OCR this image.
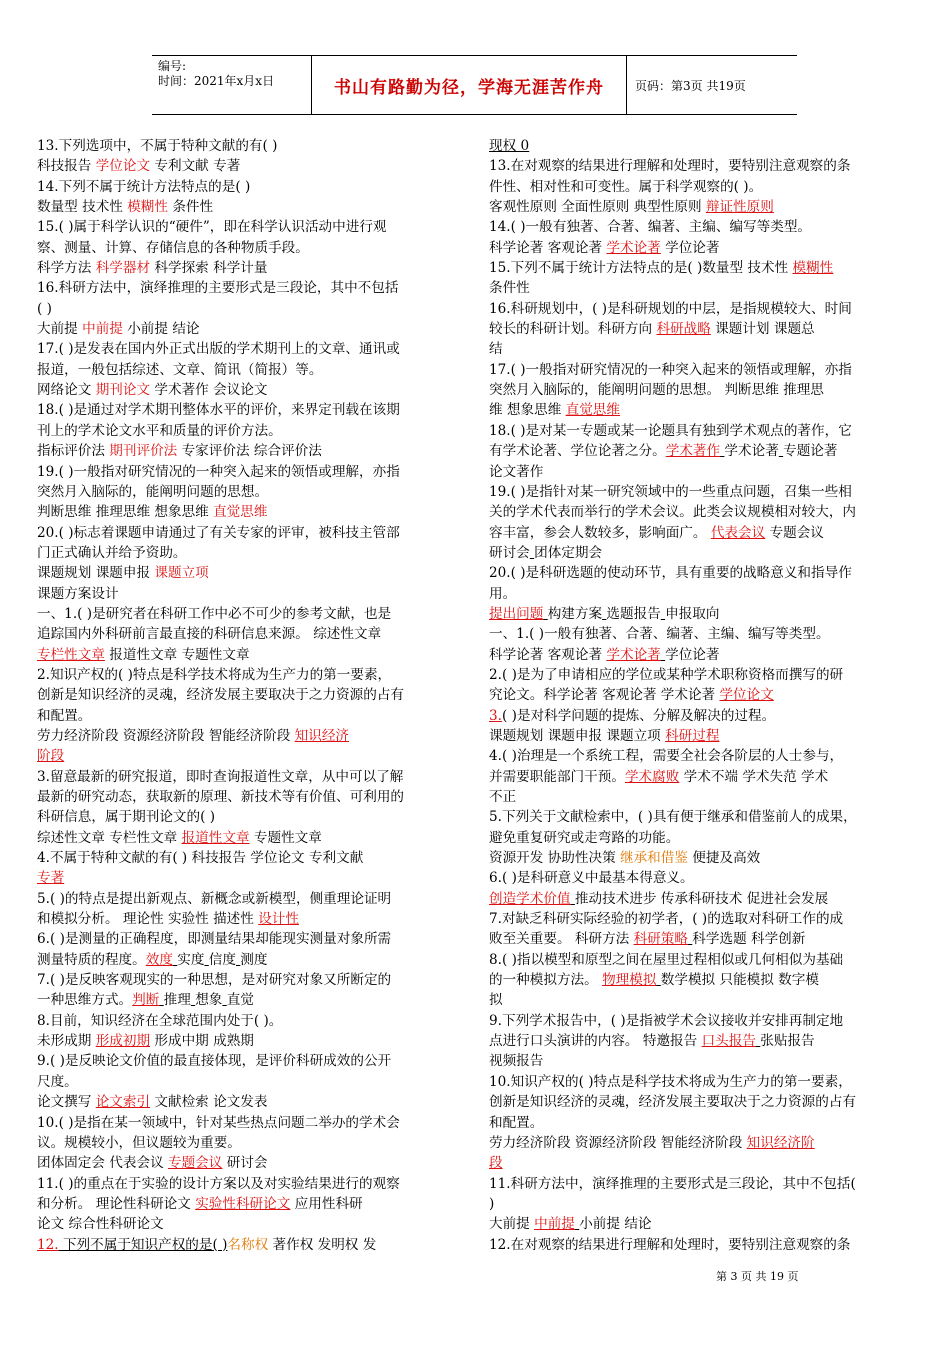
编号:
时间：2021年x月x日	书山有路勤为径，学海无涯苦作舟	页码：第3页 共19页

13.下列选项中，不属于特种文献的有( )

科技报告 学位论文 专利文献 专著

14.下列不属于统计方法特点的是( )

数量型 技术性 模糊性 条件性

15.( )属于科学认识的“硬件”，即在科学认识活动中进行观

察、测量、计算、存储信息的各种物质手段。

科学方法 科学器材 科学探索 科学计量

16.科研方法中，演绎推理的主要形式是三段论，其中不包括

( )

大前提 中前提 小前提 结论

17.( )是发表在国内外正式出版的学术期刊上的文章、通讯或

报道，一般包括综述、文章、简讯（简报）等。

网络论文 期刊论文 学术著作 会议论文

18.( )是通过对学术期刊整体水平的评价，来界定刊载在该期

刊上的学术论文水平和质量的评价方法。

指标评价法 期刊评价法 专家评价法 综合评价法

19.( )一般指对研究情况的一种突入起来的领悟或理解，亦指

突然月入脑际的，能阐明问题的思想。

判断思维 推理思维 想象思维 直觉思维

20.( )标志着课题申请通过了有关专家的评审，被科技主管部

门正式确认并给予资助。

课题规划 课题申报 课题立项

课题方案设计

一、1.( )是研究者在科研工作中必不可少的参考文献，也是

追踪国内外科研前言最直接的科研信息来源。 综述性文章

专栏性文章 报道性文章 专题性文章

2.知识产权的( )特点是科学技术将成为生产力的第一要素，

创新是知识经济的灵魂，经济发展主要取决于之力资源的占有

和配置。

劳力经济阶段 资源经济阶段 智能经济阶段 知识经济

阶段

3.留意最新的研究报道，即时查询报道性文章，从中可以了解

最新的研究动态，获取新的原理、新技术等有价值、可利用的

科研信息，属于期刊论文的( )

综述性文章 专栏性文章 报道性文章 专题性文章

4.不属于特种文献的有( ) 科技报告 学位论文 专利文献

专著

5.( )的特点是提出新观点、新概念或新模型，侧重理论证明

和模拟分析。 理论性 实验性 描述性 设计性

6.( )是测量的正确程度，即测量结果却能现实测量对象所需

测量特质的程度。效度 实度 信度 测度

7.( )是反映客观现实的一种思想，是对研究对象又所断定的

一种思维方式。判断 推理 想象 直觉

8.目前，知识经济在全球范围内处于( )。

未形成期 形成初期 形成中期 成熟期

9.( )是反映论文价值的最直接体现，是评价科研成效的公开

尺度。

论文撰写 论文索引 文献检索 论文发表

10.( )是指在某一领域中，针对某些热点问题二举办的学术会

议。规模较小，但议题较为重要。

团体固定会 代表会议 专题会议 研讨会

11.( )的重点在于实验的设计方案以及对实验结果进行的观察

和分析。 理论性科研论文 实验性科研论文 应用性科研

论文 综合性科研论文

12. 下列不属于知识产权的是( )名称权 著作权 发明权 发

现权 0

13.在对观察的结果进行理解和处理时，要特别注意观察的条

件性、相对性和可变性。属于科学观察的( )。

客观性原则 全面性原则 典型性原则 辩证性原则

14.( )一般有独著、合著、编著、主编、编写等类型。

科学论著 客观论著 学术论著 学位论著

15.下列不属于统计方法特点的是( )数量型 技术性 模糊性

条件性

16.科研规划中，( )是科研规划的中层，是指规模较大、时间

较长的科研计划。科研方向 科研战略 课题计划 课题总

结

17.( )一般指对研究情况的一种突入起来的领悟或理解，亦指

突然月入脑际的，能阐明问题的思想。 判断思维 推理思

维 想象思维 直觉思维

18.( )是对某一专题或某一论题具有独到学术观点的著作，它

有学术论著、学位论著之分。学术著作 学术论著 专题论著

论文著作

19.( )是指针对某一研究领域中的一些重点问题，召集一些相

关的学术代表而举行的学术会议。此类会议规模相对较大，内

容丰富，参会人数较多，影响面广。 代表会议 专题会议

研讨会 团体定期会

20.( )是科研选题的使动环节，具有重要的战略意义和指导作

用。

提出问题 构建方案 选题报告 申报取向

一、1.( )一般有独著、合著、编著、主编、编写等类型。

科学论著 客观论著 学术论著 学位论著

2.( )是为了申请相应的学位或某种学术职称资格而撰写的研

究论文。科学论著 客观论著 学术论著 学位论文

3.( )是对科学问题的提炼、分解及解决的过程。

课题规划 课题申报 课题立项 科研过程

4.( )治理是一个系统工程，需要全社会各阶层的人士参与，

并需要职能部门干预。学术腐败 学术不端 学术失范 学术

不正

5.下列关于文献检索中，( )具有便于继承和借鉴前人的成果，

避免重复研究或走弯路的功能。

资源开发 协助性决策 继承和借鉴 便捷及高效

6.( )是科研意义中最基本得意义。

创造学术价值 推动技术进步 传承科研技术 促进社会发展

7.对缺乏科研实际经验的初学者，( )的选取对科研工作的成

败至关重要。 科研方法 科研策略 科学选题 科学创新

8.( )指以模型和原型之间在屋里过程相似或几何相似为基础

的一种模拟方法。 物理模拟 数学模拟 只能模拟 数字模

拟

9.下列学术报告中，( )是指被学术会议接收并安排再制定地

点进行口头演讲的内容。 特邀报告 口头报告 张贴报告

视频报告

10.知识产权的( )特点是科学技术将成为生产力的第一要素，

创新是知识经济的灵魂，经济发展主要取决于之力资源的占有

和配置。

劳力经济阶段 资源经济阶段 智能经济阶段 知识经济阶

段

11.科研方法中，演绎推理的主要形式是三段论，其中不包括(

)

大前提 中前提 小前提 结论

12.在对观察的结果进行理解和处理时，要特别注意观察的条

第 3 页 共 19 页
